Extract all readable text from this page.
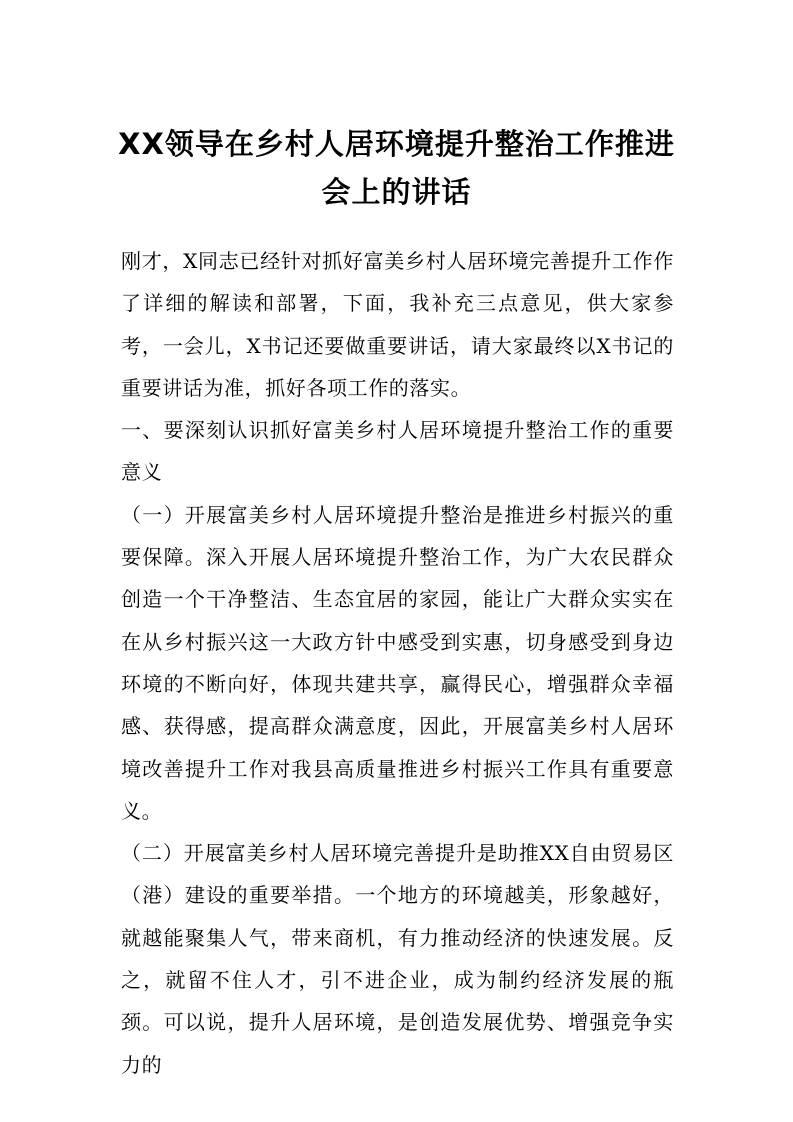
XX领导在乡村人居环境提升整治工作推进
会上的讲话

刚才，X同志已经针对抓好富美乡村人居环境完善提升工作作了详细的解读和部署，下面，我补充三点意见，供大家参考，一会儿，X书记还要做重要讲话，请大家最终以X书记的重要讲话为准，抓好各项工作的落实。

一、要深刻认识抓好富美乡村人居环境提升整治工作的重要意义

（一）开展富美乡村人居环境提升整治是推进乡村振兴的重要保障。深入开展人居环境提升整治工作，为广大农民群众创造一个干净整洁、生态宜居的家园，能让广大群众实实在在从乡村振兴这一大政方针中感受到实惠，切身感受到身边环境的不断向好，体现共建共享，赢得民心，增强群众幸福感、获得感，提高群众满意度，因此，开展富美乡村人居环境改善提升工作对我县高质量推进乡村振兴工作具有重要意义。

（二）开展富美乡村人居环境完善提升是助推XX自由贸易区（港）建设的重要举措。一个地方的环境越美，形象越好，就越能聚集人气，带来商机，有力推动经济的快速发展。反之，就留不住人才，引不进企业，成为制约经济发展的瓶颈。可以说，提升人居环境，是创造发展优势、增强竞争实力的
